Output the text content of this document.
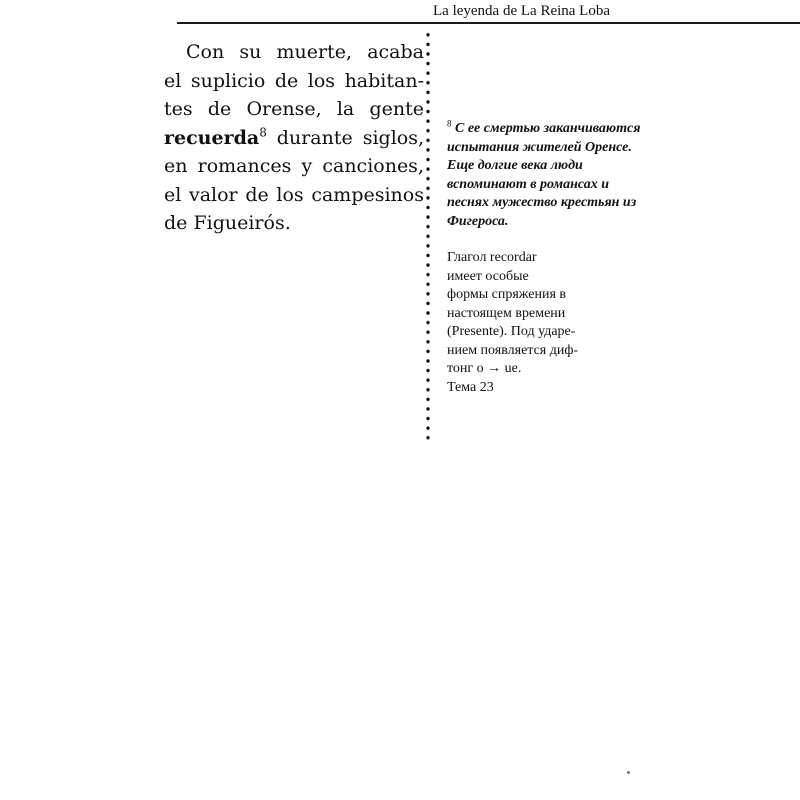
La leyenda de La Reina Loba
Con su muerte, acaba
el suplicio de los habitan-
tes de Orense, la gente
recuerda$^8$ durante siglos,
en romances y canciones,
el valor de los campesinos
de Figueirós.

$^8$ С ее смертью заканчиваются испытания жителей Оренсе. Еще долгие века люди вспоминают в романсах и песнях мужество крестьян из Фигероса.

Глагол recordar
имеет особые
формы спряжения в
настоящем времени
(Presente). Под ударе-
нием появляется диф-
тонг о → ue.
Тема 23
